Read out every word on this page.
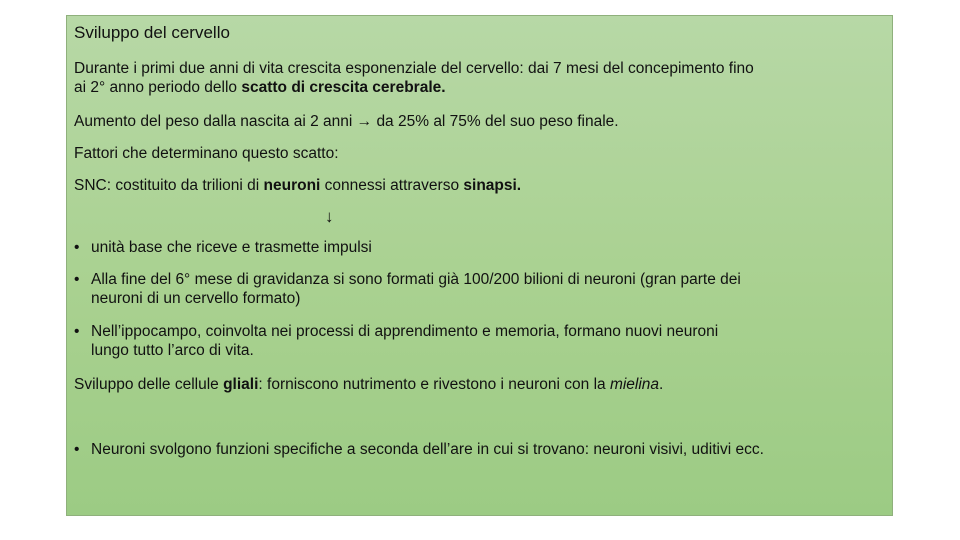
Sviluppo del cervello
Durante i primi due anni di vita crescita esponenziale del cervello: dai 7 mesi del concepimento fino
ai 2° anno periodo dello scatto di crescita cerebrale.
Aumento del peso dalla nascita ai 2 anni → da 25% al 75% del suo peso finale.
Fattori che determinano questo scatto:
SNC: costituito da trilioni di neuroni connessi attraverso sinapsi.
↓
• unità base che riceve e trasmette impulsi
• Alla fine del 6° mese di gravidanza si sono formati già 100/200 bilioni di neuroni (gran parte dei
neuroni di un cervello formato)
• Nell’ippocampo, coinvolta nei processi di apprendimento e memoria, formano nuovi neuroni
lungo tutto l’arco di vita.
Sviluppo delle cellule gliali: forniscono nutrimento e rivestono i neuroni con la mielina.
• Neuroni svolgono funzioni specifiche a seconda dell’are in cui si trovano: neuroni visivi, uditivi ecc.
